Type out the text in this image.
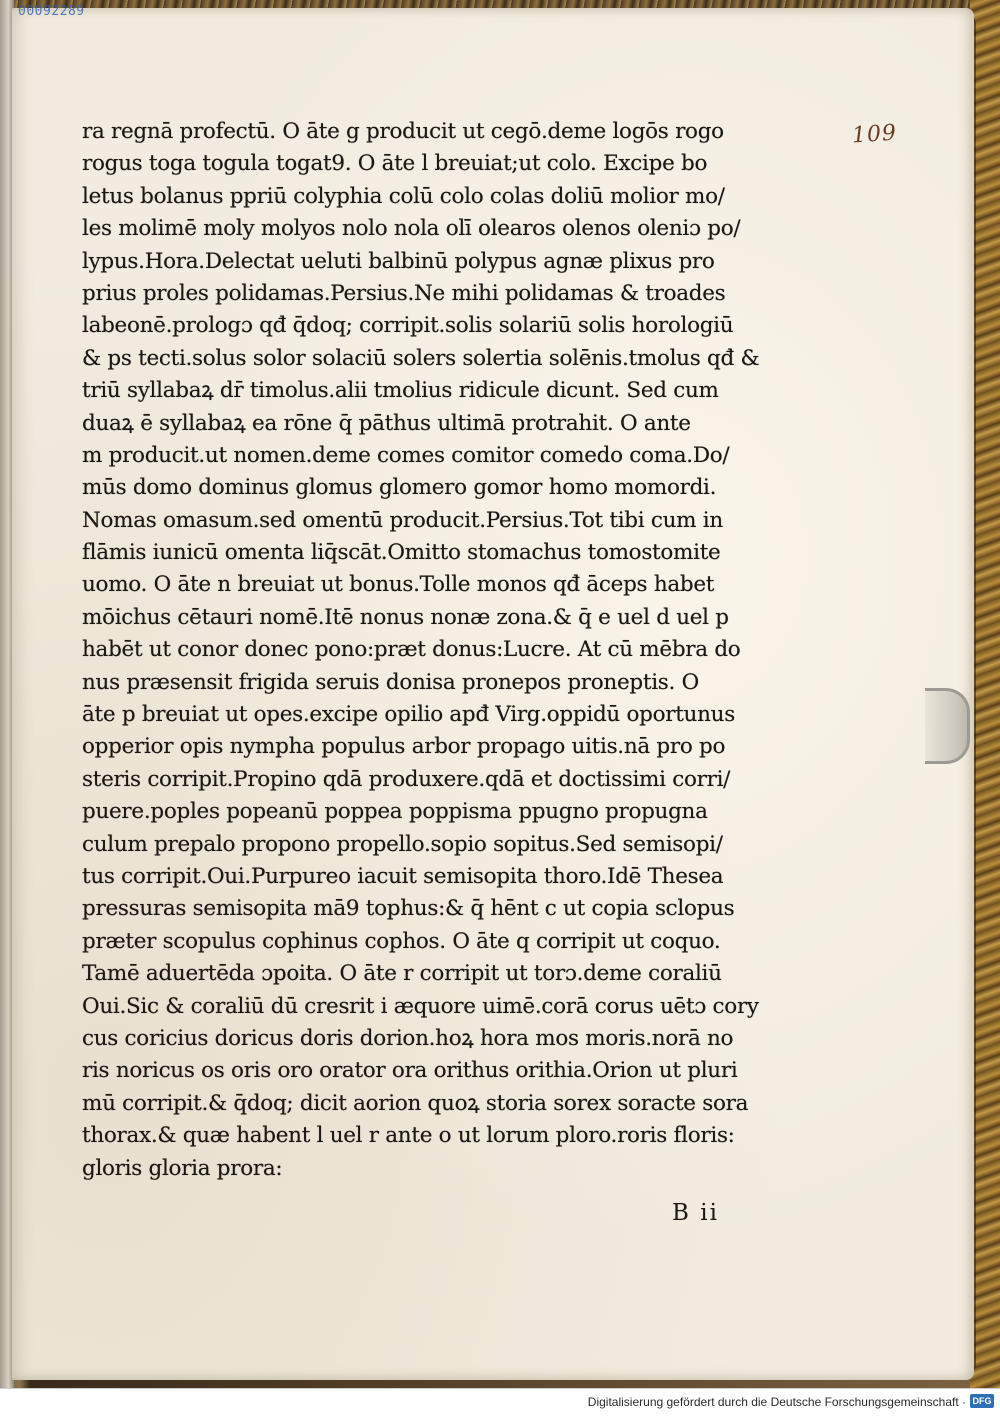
00092289
109
ra regnā profectū. O āte g producit ut cegō.deme logōs rogo
rogus toga togula togat9. O āte l breuiat;ut colo. Excipe bo
letus bolanus ppriū colyphia colū colo colas doliū molior mo/
les molimē moly molyos nolo nola olī olearos olenos oleniɔ po/
lypus.Hora.Delectat ueluti balbinū polypus agnæ plixus pro
prius proles polidamas.Persius.Ne mihi polidamas & troades
labeonē.prologɔ qđ q̄doq; corripit.solis solariū solis horologiū
& ps tecti.solus solor solaciū solers solertia solēnis.tmolus qđ &
triū syllabaꝝ dr̄ timolus.alii tmolius ridicule dicunt. Sed cum
duaꝝ ē syllabaꝝ ea rōne q̄ pāthus ultimā protrahit. O ante
m producit.ut nomen.deme comes comitor comedo coma.Do/
mūs domo dominus glomus glomero gomor homo momordi.
Nomas omasum.sed omentū producit.Persius.Tot tibi cum in
flāmis iunicū omenta liq̄scāt.Omitto stomachus tomostomite
uomo. O āte n breuiat ut bonus.Tolle monos qđ āceps habet
mōichus cētauri nomē.Itē nonus nonæ zona.& q̄ e uel d uel p
habēt ut conor donec pono:præt donus:Lucre. At cū mēbra do
nus præsensit frigida seruis donisa pronepos proneptis. O
āte p breuiat ut opes.excipe opilio apđ Virg.oppidū oportunus
opperior opis nympha populus arbor propago uitis.nā pro po
steris corripit.Propino qdā produxere.qdā et doctissimi corri/
puere.poples popeanū poppea poppisma ppugno propugna
culum prepalo propono propello.sopio sopitus.Sed semisopi/
tus corripit.Oui.Purpureo iacuit semisopita thoro.Idē Thesea
pressuras semisopita mā9 tophus:& q̄ hēnt c ut copia sclopus
præter scopulus cophinus cophos. O āte q corripit ut coquo.
Tamē aduertēda ɔpoita. O āte r corripit ut torɔ.deme coraliū
Oui.Sic & coraliū dū cresrit i æquore uimē.corā corus uētɔ cory
cus coricius doricus doris dorion.hoꝝ hora mos moris.norā no
ris noricus os oris oro orator ora orithus orithia.Orion ut pluri
mū corripit.& q̄doq; dicit aorion quoꝝ storia sorex soracte sora
thorax.& quæ habent l uel r ante o ut lorum ploro.roris floris:
gloris gloria prora:
B ii
Digitalisierung gefördert durch die Deutsche Forschungsgemeinschaft · DFG
